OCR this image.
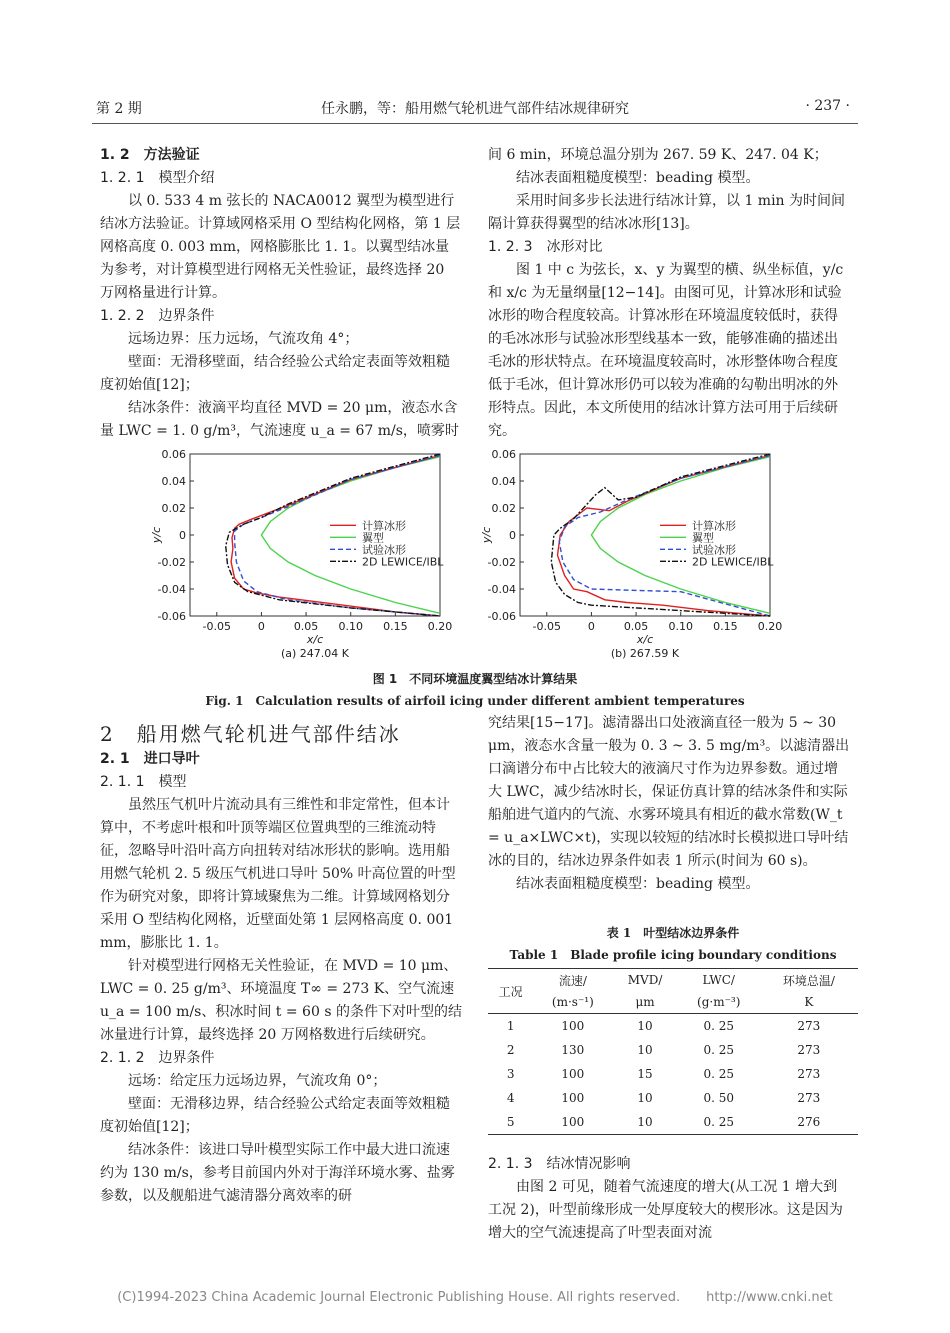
第 2 期	任永鹏，等：船用燃气轮机进气部件结冰规律研究	· 237 ·

1. 2　方法验证

1. 2. 1　模型介绍

以 0. 533 4 m 弦长的 NACA0012 翼型为模型进行结冰方法验证。计算域网格采用 O 型结构化网格，第 1 层网格高度 0. 003 mm，网格膨胀比 1. 1。以翼型结冰量为参考，对计算模型进行网格无关性验证，最终选择 20 万网格量进行计算。

1. 2. 2　边界条件

远场边界：压力远场，气流攻角 4°；

壁面：无滑移壁面，结合经验公式给定表面等效粗糙度初始值[12]；

结冰条件：液滴平均直径 MVD = 20 μm，液态水含量 LWC = 1. 0 g/m³，气流速度 u_a = 67 m/s，喷雾时

间 6 min，环境总温分别为 267. 59 K、247. 04 K；

结冰表面粗糙度模型：beading 模型。

采用时间多步长法进行结冰计算，以 1 min 为时间间隔计算获得翼型的结冰冰形[13]。

1. 2. 3　冰形对比

图 1 中 c 为弦长，x、y 为翼型的横、纵坐标值，y/c 和 x/c 为无量纲量[12−14]。由图可见，计算冰形和试验冰形的吻合程度较高。计算冰形在环境温度较低时，获得的毛冰冰形与试验冰形型线基本一致，能够准确的描述出毛冰的形状特点。在环境温度较高时，冰形整体吻合程度低于毛冰，但计算冰形仍可以较为准确的勾勒出明冰的外形特点。因此，本文所使用的结冰计算方法可用于后续研究。

-0.05 0	0.05 0.10 0.15 0.20
0.06
0.04
0.02
0
-0.02
-0.04
-0.06
x/c
y/c
(a) 247.04 K
计算冰形
翼型
试验冰形
2D LEWICE/IBL
-0.05 0	0.05 0.10 0.15 0.20
0.06
0.04
0.02
0
-0.02
-0.04
-0.06
x/c
y/c
(b) 267.59 K
计算冰形
翼型
试验冰形
2D LEWICE/IBL
图 1　不同环境温度翼型结冰计算结果
Fig. 1　Calculation results of airfoil icing under different ambient temperatures

2　船用燃气轮机进气部件结冰

2. 1　进口导叶

2. 1. 1　模型

虽然压气机叶片流动具有三维性和非定常性，但本计算中，不考虑叶根和叶顶等端区位置典型的三维流动特征，忽略导叶沿叶高方向扭转对结冰形状的影响。选用船用燃气轮机 2. 5 级压气机进口导叶 50% 叶高位置的叶型作为研究对象，即将计算域聚焦为二维。计算域网格划分采用 O 型结构化网格，近壁面处第 1 层网格高度 0. 001 mm，膨胀比 1. 1。

针对模型进行网格无关性验证，在 MVD = 10 μm、LWC = 0. 25 g/m³、环境温度 T∞ = 273 K、空气流速 u_a = 100 m/s、积冰时间 t = 60 s 的条件下对叶型的结冰量进行计算，最终选择 20 万网格数进行后续研究。

2. 1. 2　边界条件

远场：给定压力远场边界，气流攻角 0°；

壁面：无滑移边界，结合经验公式给定表面等效粗糙度初始值[12]；

结冰条件：该进口导叶模型实际工作中最大进口流速约为 130 m/s，参考目前国内外对于海洋环境水雾、盐雾参数，以及舰船进气滤清器分离效率的研

究结果[15−17]。滤清器出口处液滴直径一般为 5 ~ 30 μm，液态水含量一般为 0. 3 ~ 3. 5 mg/m³。以滤清器出口滴谱分布中占比较大的液滴尺寸作为边界参数。通过增大 LWC，减少结冰时长，保证仿真计算的结冰条件和实际船舶进气道内的气流、水雾环境具有相近的截水常数(W_t = u_a×LWC×t)，实现以较短的结冰时长模拟进口导叶结冰的目的，结冰边界条件如表 1 所示(时间为 60 s)。

结冰表面粗糙度模型：beading 模型。

表 1　叶型结冰边界条件
Table 1　Blade profile icing boundary conditions
工况	流速/	MVD/	LWC/	环境总温/
	(m·s⁻¹)	μm	(g·m⁻³)	K
1	100	10	0. 25	273
2	130	10	0. 25	273
3	100	15	0. 25	273
4	100	10	0. 50	273
5	100	10	0. 25	276

2. 1. 3　结冰情况影响

由图 2 可见，随着气流速度的增大(从工况 1 增大到工况 2)，叶型前缘形成一处厚度较大的楔形冰。这是因为增大的空气流速提高了叶型表面对流

(C)1994-2023 China Academic Journal Electronic Publishing House. All rights reserved.　　http://www.cnki.net
